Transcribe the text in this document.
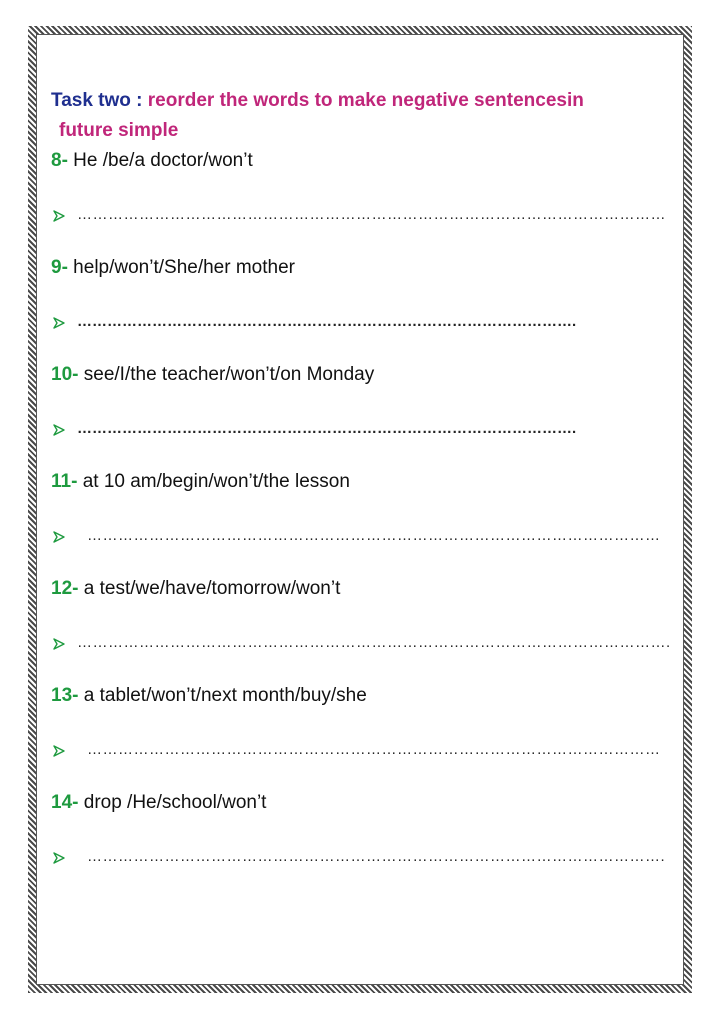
Task two : reorder the words to make negative sentencesin

future simple

8- He /be/a doctor/won’t

……………………………………………………………………………………………………

9- help/won’t/She/her mother

……………………………………………………………………………………….

10- see/I/the teacher/won’t/on Monday

……………………………………………………………………………………….

11- at 10 am/begin/won’t/the lesson

…………………………………………………………………………………………………

12- a test/we/have/tomorrow/won’t

…………………………………………………………………………………………………….

13- a tablet/won’t/next month/buy/she

…………………………………………………………………………………………………

14- drop /He/school/won’t

………………………………………………………………………………………………….
